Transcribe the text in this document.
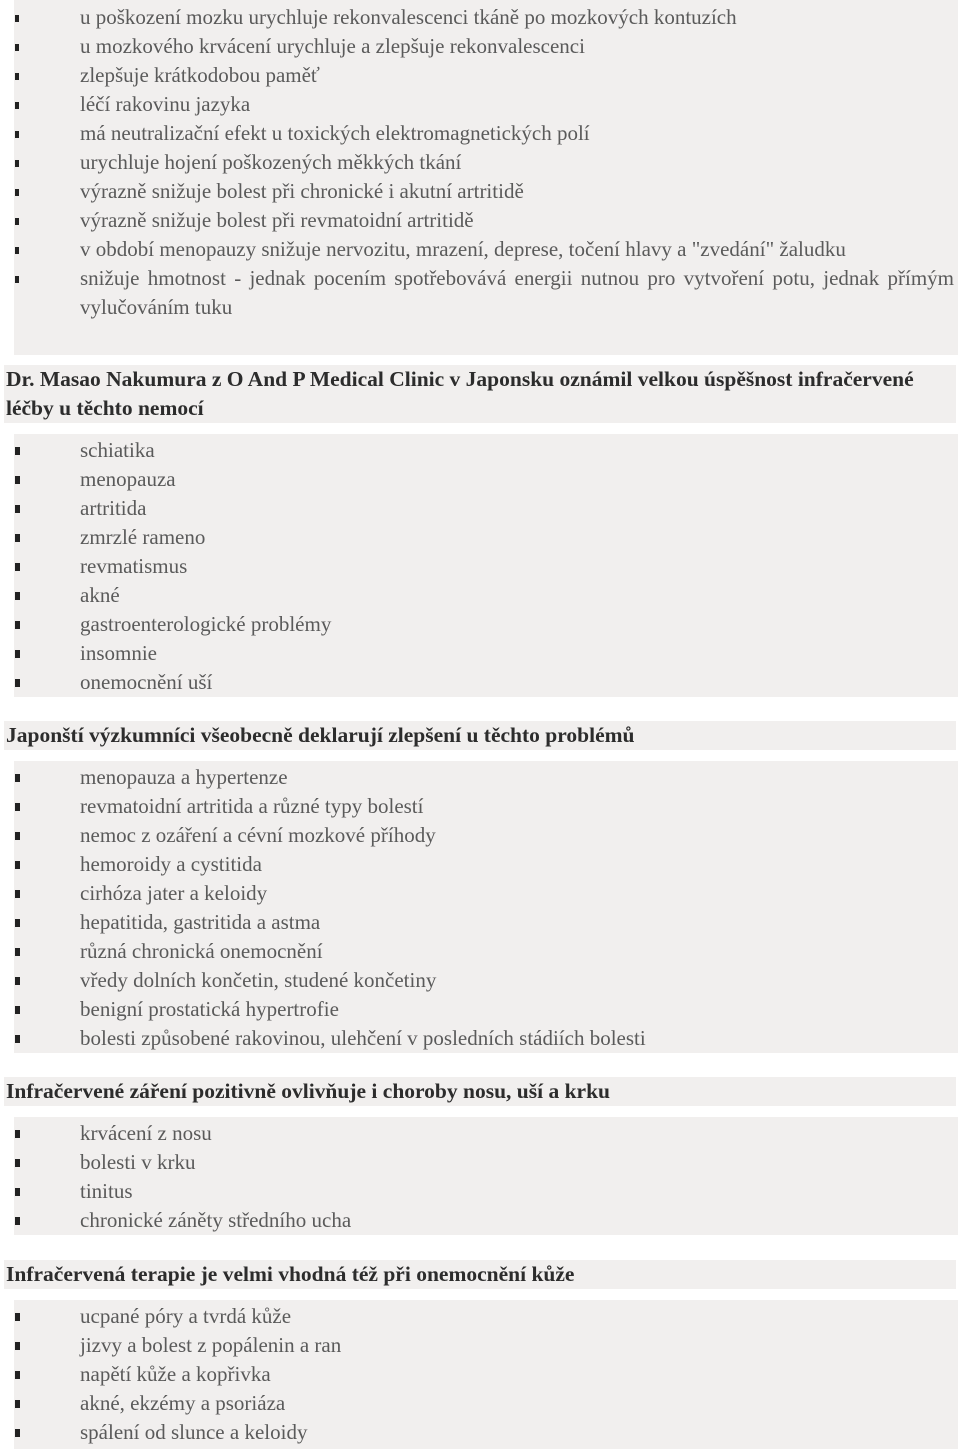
u poškození mozku urychluje rekonvalescenci tkáně po mozkových kontuzích
u mozkového krvácení urychluje a zlepšuje rekonvalescenci
zlepšuje krátkodobou paměť
léčí rakovinu jazyka
má neutralizační efekt u toxických elektromagnetických polí
urychluje hojení poškozených měkkých tkání
výrazně snižuje bolest při chronické i akutní artritidě
výrazně snižuje bolest při revmatoidní artritidě
v období menopauzy snižuje nervozitu, mrazení, deprese, točení hlavy a "zvedání" žaludku
snižuje hmotnost - jednak pocením spotřebovává energii nutnou pro vytvoření potu, jednak přímým vylučováním tuku
Dr. Masao Nakumura z O And P Medical Clinic v Japonsku oznámil velkou úspěšnost infračervené léčby u těchto nemocí
schiatika
menopauza
artritida
zmrzlé rameno
revmatismus
akné
gastroenterologické problémy
insomnie
onemocnění uší
Japonští výzkumníci všeobecně deklarují zlepšení u těchto problémů
menopauza a hypertenze
revmatoidní artritida a různé typy bolestí
nemoc z ozáření a cévní mozkové příhody
hemoroidy a cystitida
cirhóza jater a keloidy
hepatitida, gastritida a astma
různá chronická onemocnění
vředy dolních končetin, studené končetiny
benigní prostatická hypertrofie
bolesti způsobené rakovinou, ulehčení v posledních stádiích bolesti
Infračervené záření pozitivně ovlivňuje i choroby nosu, uší a krku
krvácení z nosu
bolesti v krku
tinitus
chronické záněty středního ucha
Infračervená terapie je velmi vhodná též při onemocnění kůže
ucpané póry a tvrdá kůže
jizvy a bolest z popálenin a ran
napětí kůže a kopřivka
akné, ekzémy a psoriáza
spálení od slunce a keloidy
